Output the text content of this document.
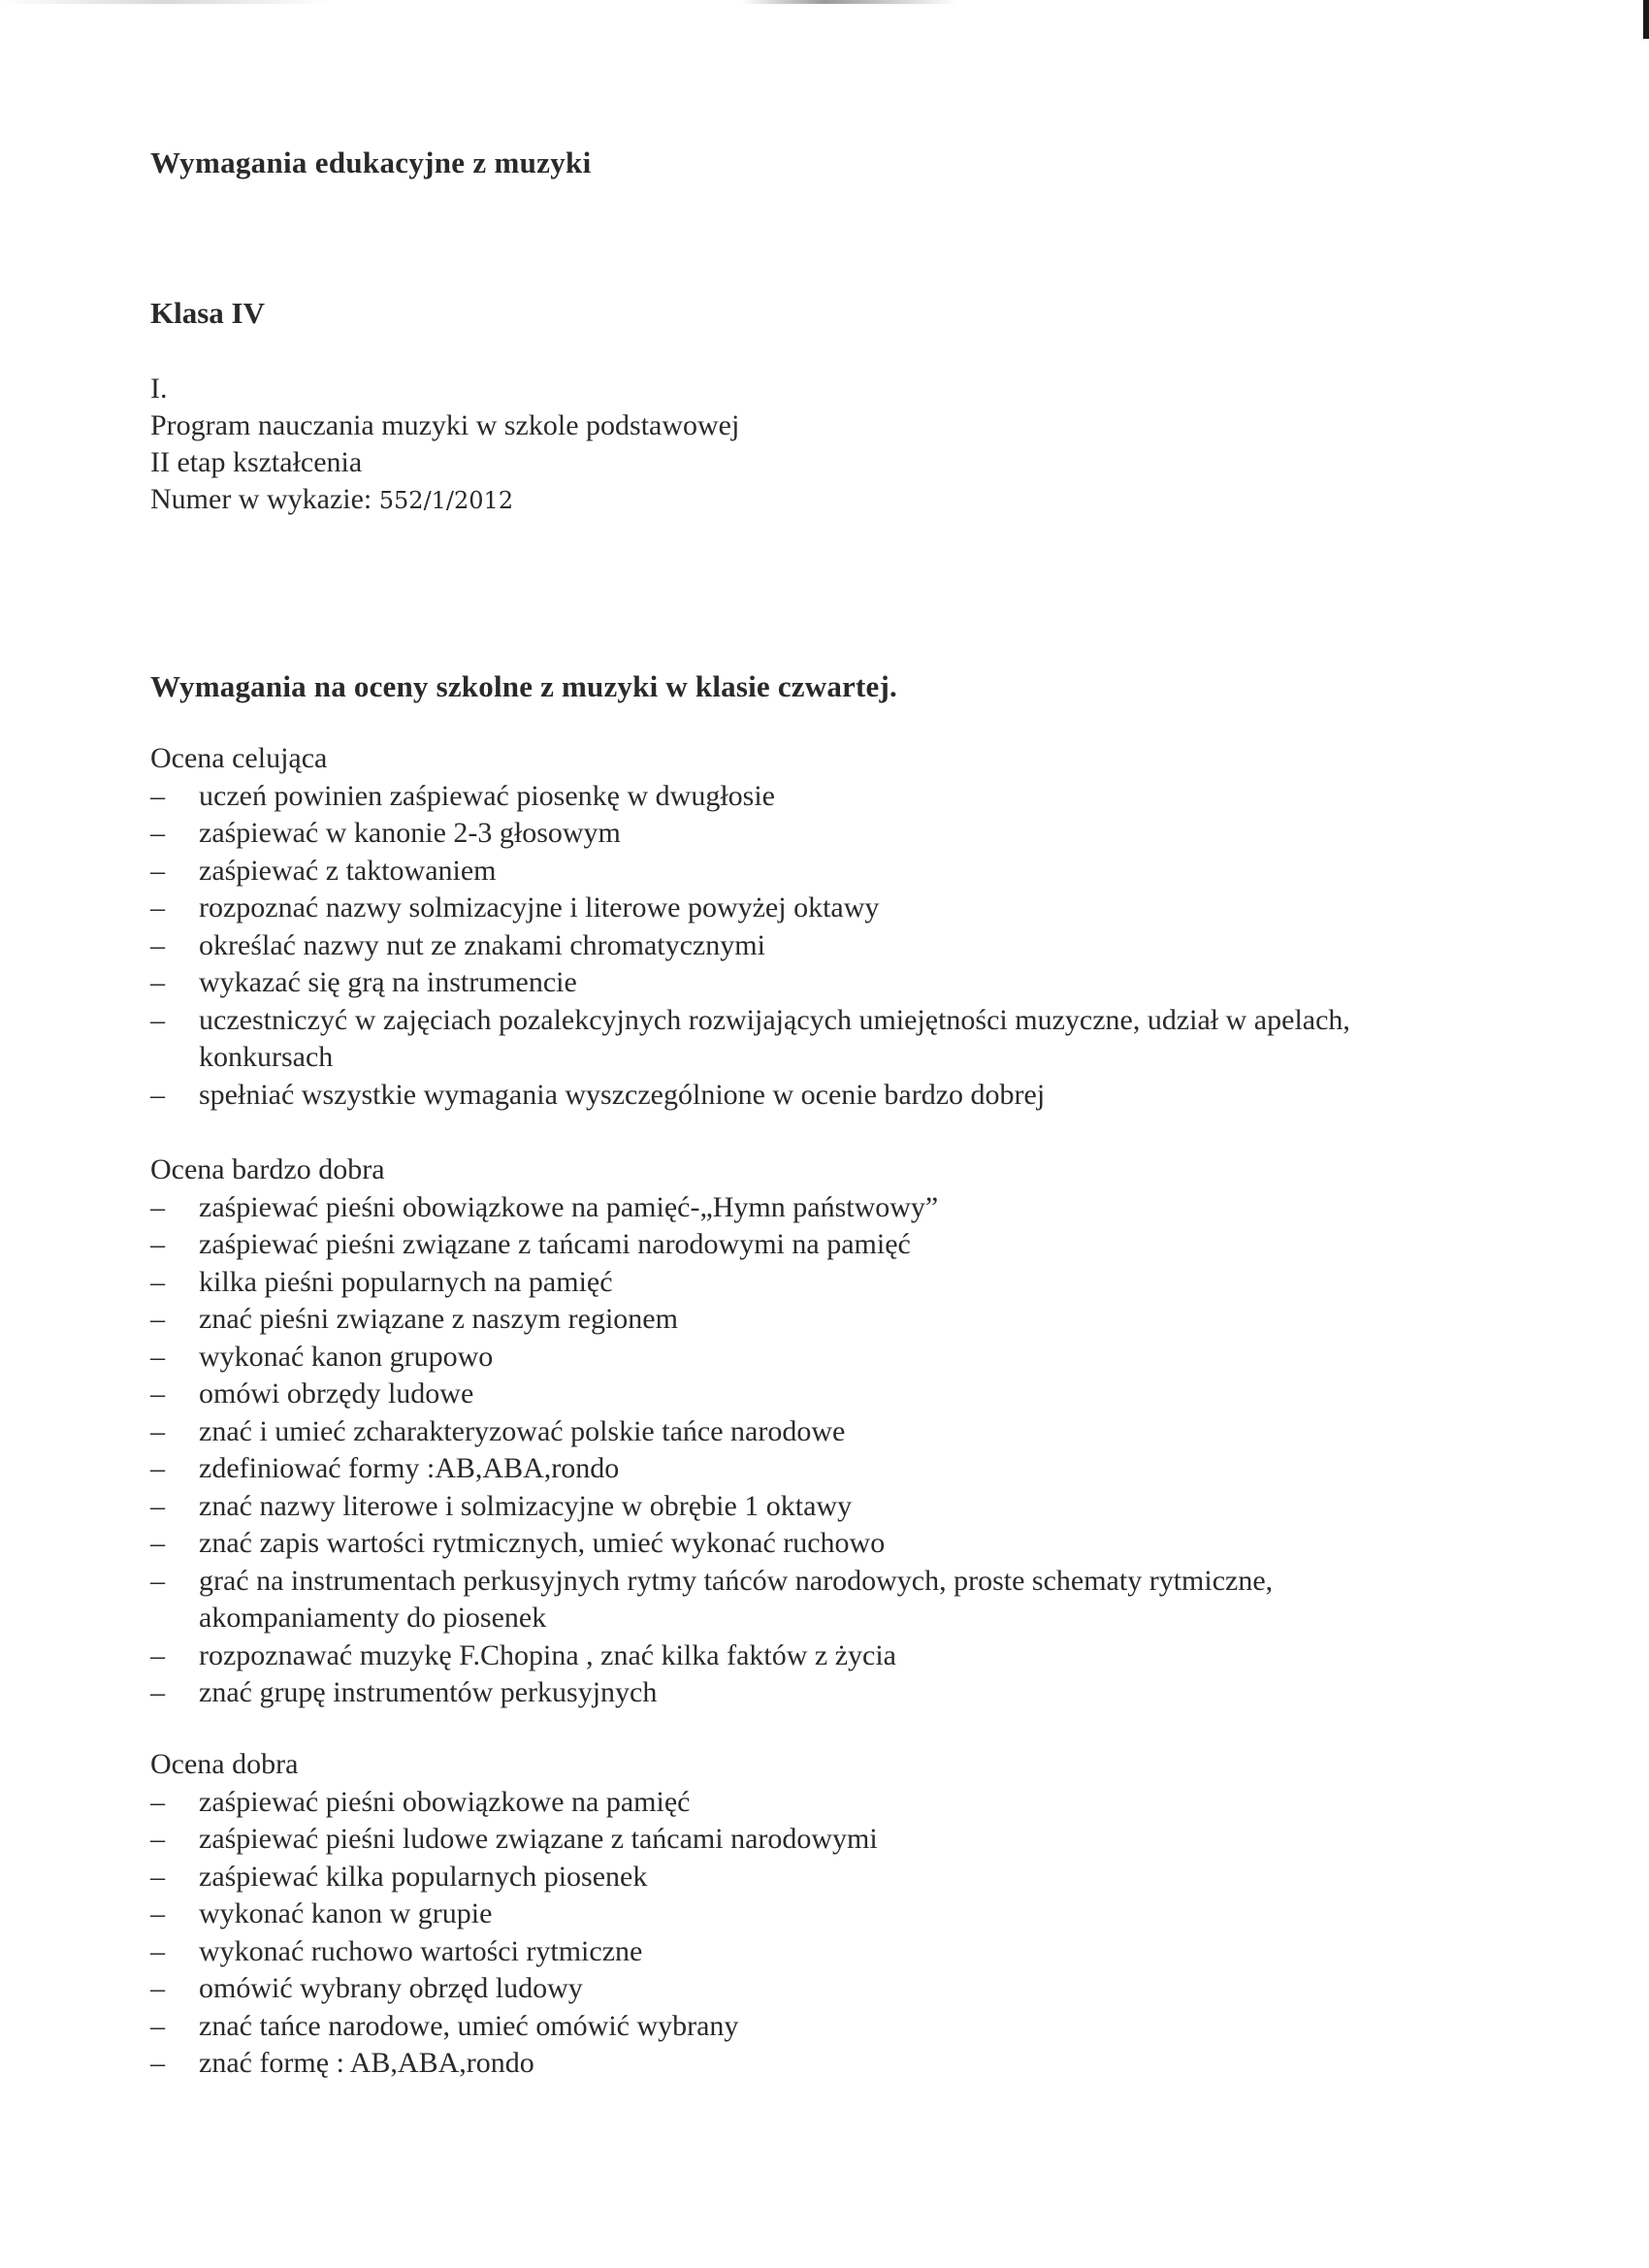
Wymagania edukacyjne z muzyki
Klasa IV
I.
Program nauczania muzyki w szkole podstawowej
II etap kształcenia
Numer w wykazie: 552/1/2012
Wymagania na oceny szkolne z muzyki w klasie czwartej.
Ocena celująca
– uczeń powinien zaśpiewać piosenkę w dwugłosie
– zaśpiewać w kanonie 2-3 głosowym
– zaśpiewać z taktowaniem
– rozpoznać nazwy solmizacyjne i literowe powyżej oktawy
– określać nazwy nut ze znakami chromatycznymi
– wykazać się grą na instrumencie
– uczestniczyć w zajęciach pozalekcyjnych rozwijających umiejętności muzyczne, udział w apelach, konkursach
– spełniać wszystkie wymagania wyszczególnione w ocenie bardzo dobrej
Ocena bardzo dobra
– zaśpiewać pieśni obowiązkowe na pamięć-„Hymn państwowy”
– zaśpiewać pieśni związane z tańcami narodowymi na pamięć
– kilka pieśni popularnych na pamięć
– znać pieśni związane z naszym regionem
– wykonać kanon grupowo
– omówi obrzędy ludowe
– znać i umieć zcharakteryzować polskie tańce narodowe
– zdefiniować formy :AB,ABA,rondo
– znać nazwy literowe i solmizacyjne w obrębie 1 oktawy
– znać zapis wartości rytmicznych, umieć wykonać ruchowo
– grać na instrumentach perkusyjnych rytmy tańców narodowych, proste schematy rytmiczne, akompaniamenty do piosenek
– rozpoznawać muzykę F.Chopina , znać kilka faktów z życia
– znać grupę instrumentów perkusyjnych
Ocena dobra
– zaśpiewać pieśni obowiązkowe na pamięć
– zaśpiewać pieśni ludowe związane z tańcami narodowymi
– zaśpiewać kilka popularnych piosenek
– wykonać kanon w grupie
– wykonać ruchowo wartości rytmiczne
– omówić wybrany obrzęd ludowy
– znać tańce narodowe, umieć omówić wybrany
– znać formę : AB,ABA,rondo
